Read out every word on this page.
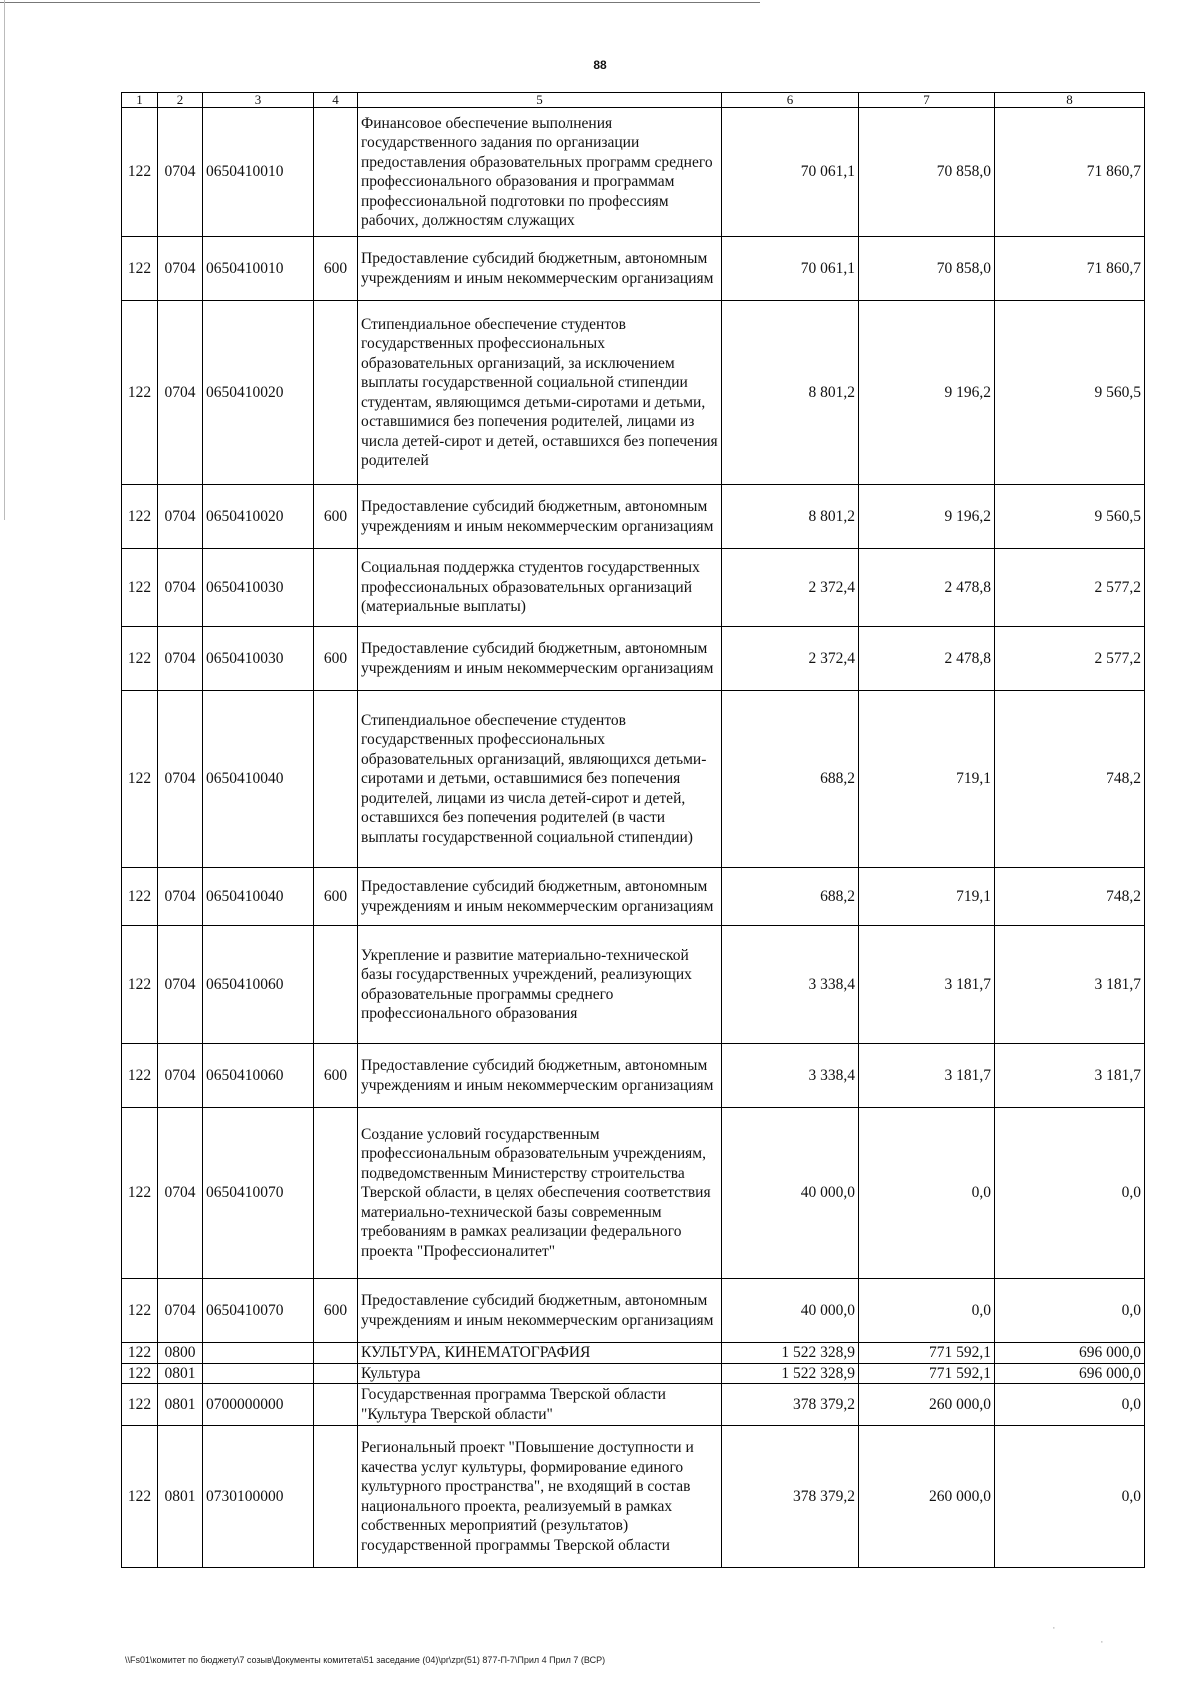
88
1	2	3	4	5	6	7	8
122	0704	0650410010		Финансовое обеспечение выполнения государственного задания по организации предоставления образовательных программ среднего профессионального образования и программам профессиональной подготовки по профессиям рабочих, должностям служащих	70 061,1	70 858,0	71 860,7
122	0704	0650410010	600	Предоставление субсидий бюджетным, автономным учреждениям и иным некоммерческим организациям	70 061,1	70 858,0	71 860,7
122	0704	0650410020		Стипендиальное обеспечение студентов государственных профессиональных образовательных организаций, за исключением выплаты государственной социальной стипендии студентам, являющимся детьми-сиротами и детьми, оставшимися без попечения родителей, лицами из числа детей-сирот и детей, оставшихся без попечения родителей	8 801,2	9 196,2	9 560,5
122	0704	0650410020	600	Предоставление субсидий бюджетным, автономным учреждениям и иным некоммерческим организациям	8 801,2	9 196,2	9 560,5
122	0704	0650410030		Социальная поддержка студентов государственных профессиональных образовательных организаций (материальные выплаты)	2 372,4	2 478,8	2 577,2
122	0704	0650410030	600	Предоставление субсидий бюджетным, автономным учреждениям и иным некоммерческим организациям	2 372,4	2 478,8	2 577,2
122	0704	0650410040		Стипендиальное обеспечение студентов государственных профессиональных образовательных организаций, являющихся детьми-сиротами и детьми, оставшимися без попечения родителей, лицами из числа детей-сирот и детей, оставшихся без попечения родителей (в части выплаты государственной социальной стипендии)	688,2	719,1	748,2
122	0704	0650410040	600	Предоставление субсидий бюджетным, автономным учреждениям и иным некоммерческим организациям	688,2	719,1	748,2
122	0704	0650410060		Укрепление и развитие материально-технической базы государственных учреждений, реализующих образовательные программы среднего профессионального образования	3 338,4	3 181,7	3 181,7
122	0704	0650410060	600	Предоставление субсидий бюджетным, автономным учреждениям и иным некоммерческим организациям	3 338,4	3 181,7	3 181,7
122	0704	0650410070		Создание условий государственным профессиональным образовательным учреждениям, подведомственным Министерству строительства Тверской области, в целях обеспечения соответствия материально-технической базы современным требованиям в рамках реализации федерального проекта "Профессионалитет"	40 000,0	0,0	0,0
122	0704	0650410070	600	Предоставление субсидий бюджетным, автономным учреждениям и иным некоммерческим организациям	40 000,0	0,0	0,0
122	0800			КУЛЬТУРА, КИНЕМАТОГРАФИЯ	1 522 328,9	771 592,1	696 000,0
122	0801			Культура	1 522 328,9	771 592,1	696 000,0
122	0801	0700000000		Государственная программа Тверской области "Культура Тверской области"	378 379,2	260 000,0	0,0
122	0801	0730100000		Региональный проект "Повышение доступности и качества услуг культуры, формирование единого культурного пространства", не входящий в состав национального проекта, реализуемый в рамках собственных мероприятий (результатов) государственной программы Тверской области	378 379,2	260 000,0	0,0
\\Fs01\комитет по бюджету\7 созыв\Документы комитета\51 заседание (04)\pr\zpr(51) 877-П-7\Прил 4 Прил 7 (ВСР)
·
·
